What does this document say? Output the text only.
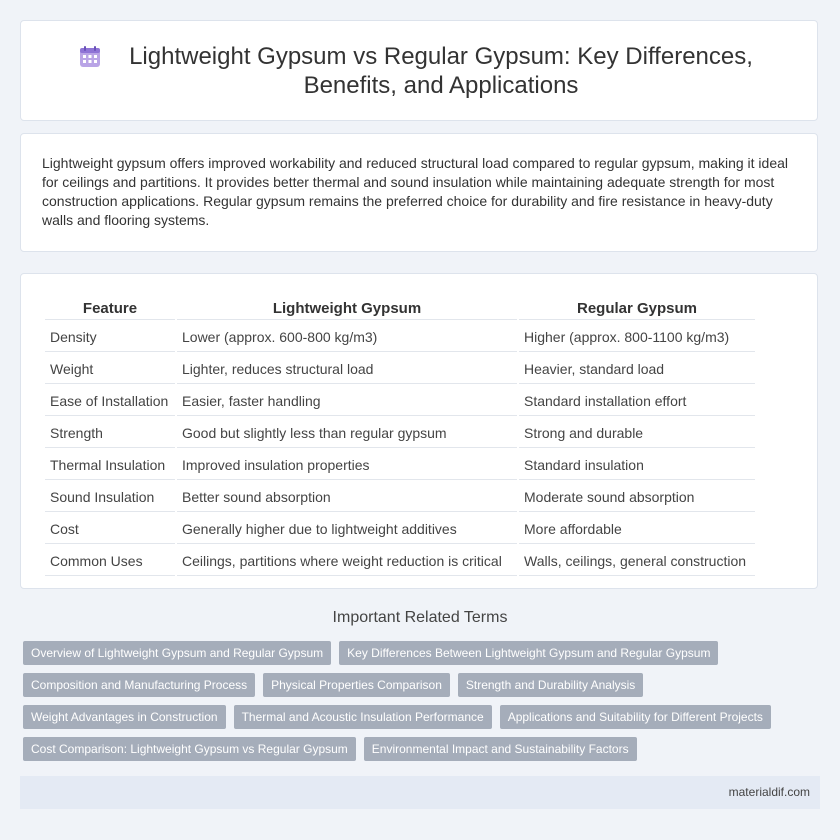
Lightweight Gypsum vs Regular Gypsum: Key Differences, Benefits, and Applications

Lightweight gypsum offers improved workability and reduced structural load compared to regular gypsum, making it ideal for ceilings and partitions. It provides better thermal and sound insulation while maintaining adequate strength for most construction applications. Regular gypsum remains the preferred choice for durability and fire resistance in heavy-duty walls and flooring systems.

Feature	Lightweight Gypsum	Regular Gypsum
Density	Lower (approx. 600-800 kg/m3)	Higher (approx. 800-1100 kg/m3)
Weight	Lighter, reduces structural load	Heavier, standard load
Ease of Installation	Easier, faster handling	Standard installation effort
Strength	Good but slightly less than regular gypsum	Strong and durable
Thermal Insulation	Improved insulation properties	Standard insulation
Sound Insulation	Better sound absorption	Moderate sound absorption
Cost	Generally higher due to lightweight additives	More affordable
Common Uses	Ceilings, partitions where weight reduction is critical	Walls, ceilings, general construction
Important Related Terms
Overview of Lightweight Gypsum and Regular Gypsum	Key Differences Between Lightweight Gypsum and Regular Gypsum
Composition and Manufacturing Process	Physical Properties Comparison	Strength and Durability Analysis
Weight Advantages in Construction	Thermal and Acoustic Insulation Performance	Applications and Suitability for Different Projects
Cost Comparison: Lightweight Gypsum vs Regular Gypsum	Environmental Impact and Sustainability Factors
materialdif.com
